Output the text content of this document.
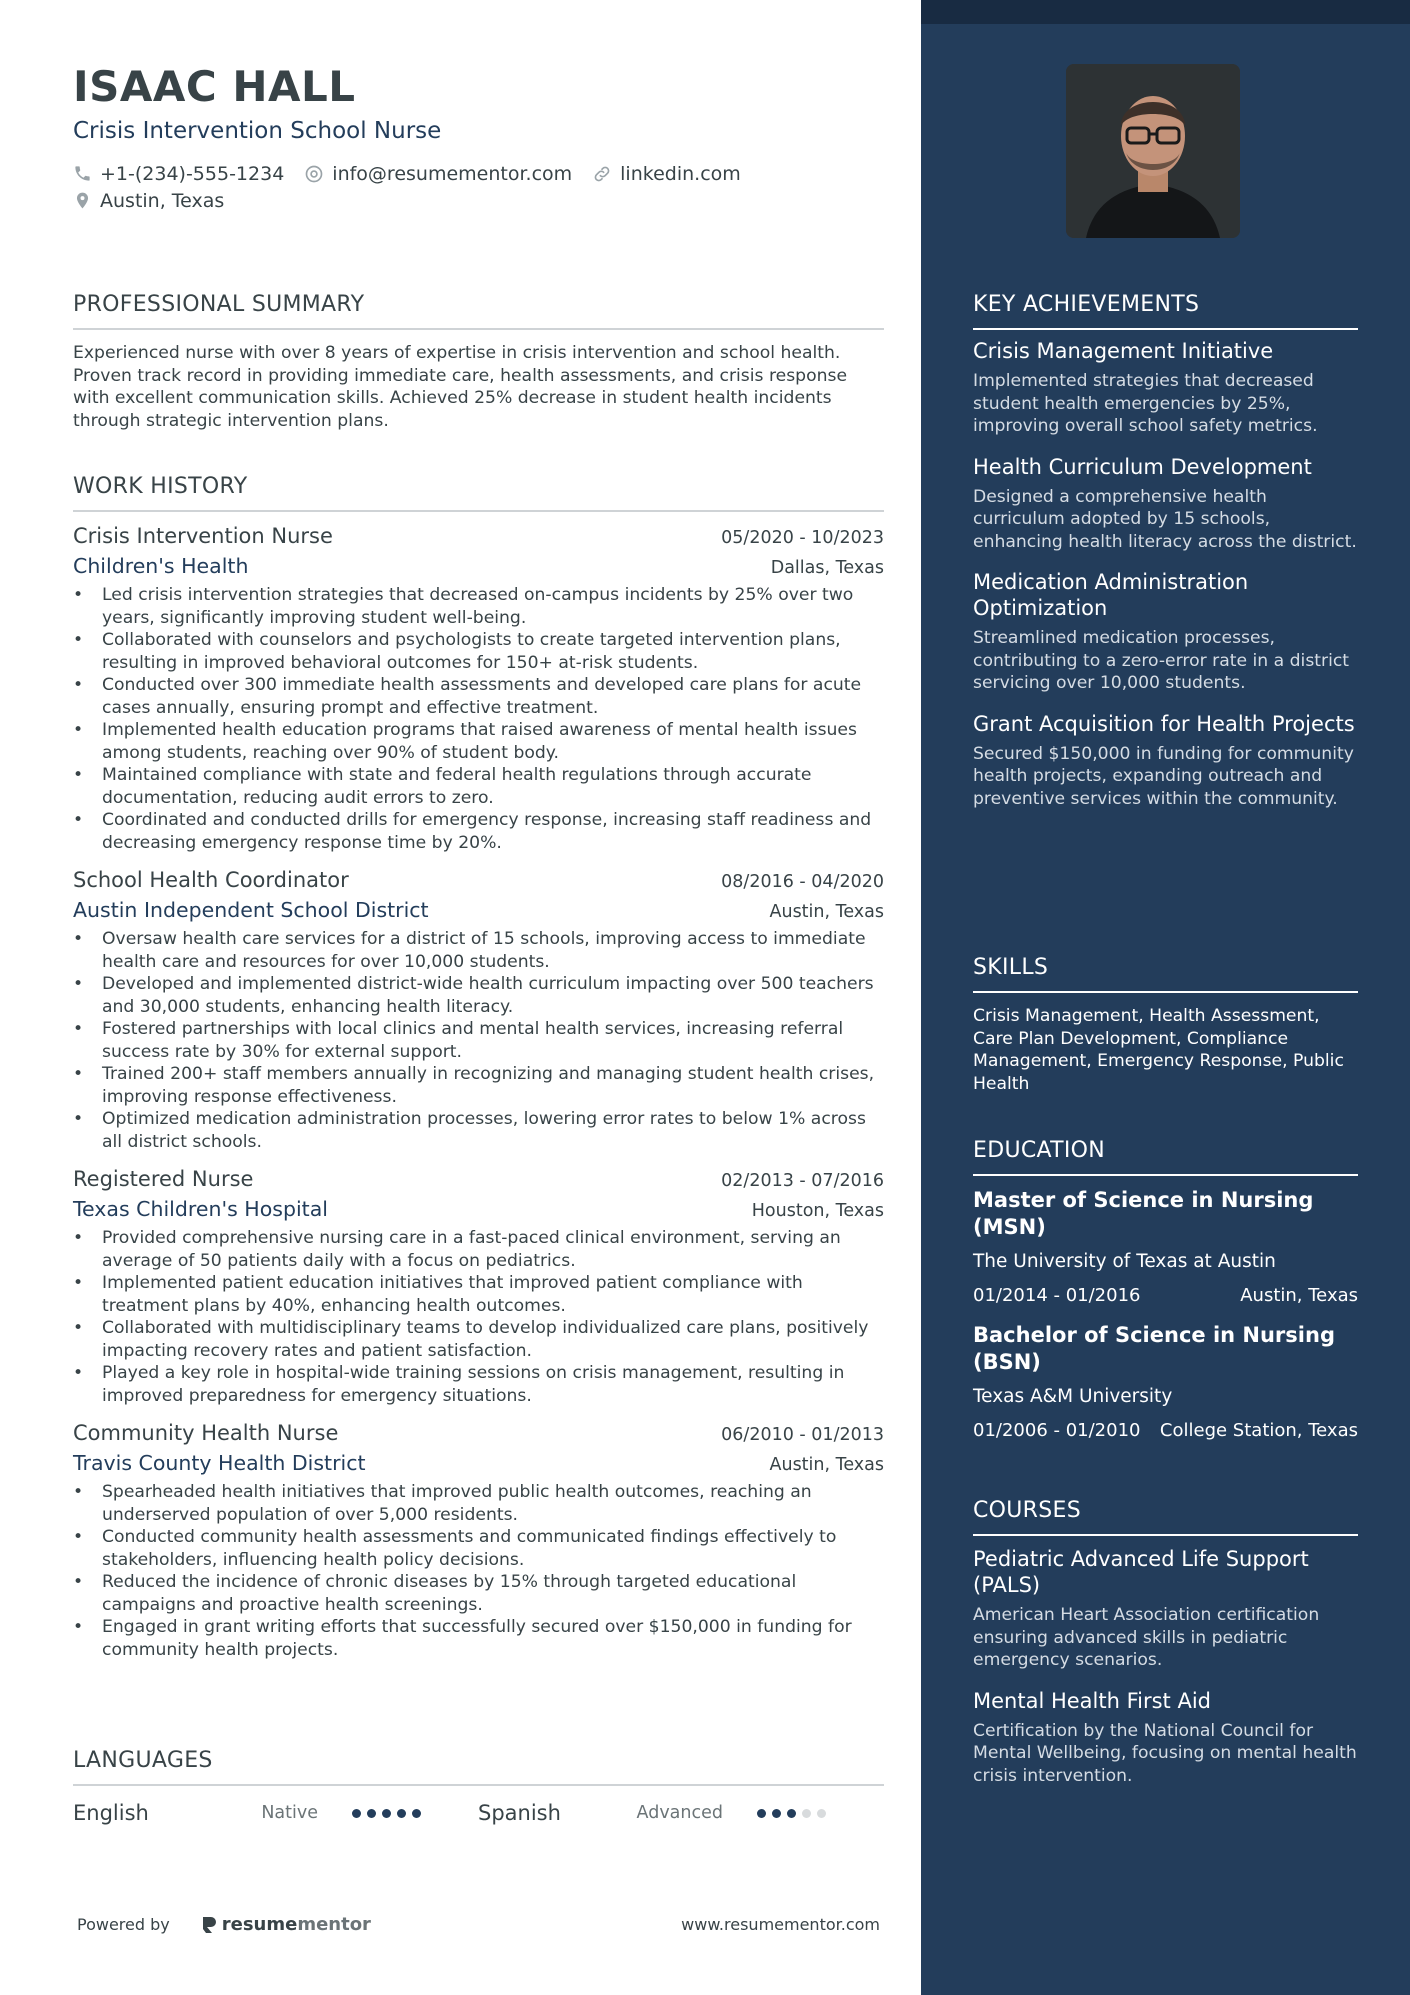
ISAAC HALL
Crisis Intervention School Nurse
+1-(234)-555-1234	info@resumementor.com	linkedin.com
Austin, Texas
PROFESSIONAL SUMMARY
Experienced nurse with over 8 years of expertise in crisis intervention and school health. Proven track record in providing immediate care, health assessments, and crisis response with excellent communication skills. Achieved 25% decrease in student health incidents through strategic intervention plans.
WORK HISTORY
Crisis Intervention Nurse	05/2020 - 10/2023
Children's Health	Dallas, Texas
• Led crisis intervention strategies that decreased on-campus incidents by 25% over two years, significantly improving student well-being.
• Collaborated with counselors and psychologists to create targeted intervention plans, resulting in improved behavioral outcomes for 150+ at-risk students.
• Conducted over 300 immediate health assessments and developed care plans for acute cases annually, ensuring prompt and effective treatment.
• Implemented health education programs that raised awareness of mental health issues among students, reaching over 90% of student body.
• Maintained compliance with state and federal health regulations through accurate documentation, reducing audit errors to zero.
• Coordinated and conducted drills for emergency response, increasing staff readiness and decreasing emergency response time by 20%.
School Health Coordinator	08/2016 - 04/2020
Austin Independent School District	Austin, Texas
• Oversaw health care services for a district of 15 schools, improving access to immediate health care and resources for over 10,000 students.
• Developed and implemented district-wide health curriculum impacting over 500 teachers and 30,000 students, enhancing health literacy.
• Fostered partnerships with local clinics and mental health services, increasing referral success rate by 30% for external support.
• Trained 200+ staff members annually in recognizing and managing student health crises, improving response effectiveness.
• Optimized medication administration processes, lowering error rates to below 1% across all district schools.
Registered Nurse	02/2013 - 07/2016
Texas Children's Hospital	Houston, Texas
• Provided comprehensive nursing care in a fast-paced clinical environment, serving an average of 50 patients daily with a focus on pediatrics.
• Implemented patient education initiatives that improved patient compliance with treatment plans by 40%, enhancing health outcomes.
• Collaborated with multidisciplinary teams to develop individualized care plans, positively impacting recovery rates and patient satisfaction.
• Played a key role in hospital-wide training sessions on crisis management, resulting in improved preparedness for emergency situations.
Community Health Nurse	06/2010 - 01/2013
Travis County Health District	Austin, Texas
• Spearheaded health initiatives that improved public health outcomes, reaching an underserved population of over 5,000 residents.
• Conducted community health assessments and communicated findings effectively to stakeholders, influencing health policy decisions.
• Reduced the incidence of chronic diseases by 15% through targeted educational campaigns and proactive health screenings.
• Engaged in grant writing efforts that successfully secured over $150,000 in funding for community health projects.
LANGUAGES
English	Native	Spanish	Advanced
Powered by	resume mentor	www.resumementor.com
KEY ACHIEVEMENTS
Crisis Management Initiative
Implemented strategies that decreased student health emergencies by 25%, improving overall school safety metrics.
Health Curriculum Development
Designed a comprehensive health curriculum adopted by 15 schools, enhancing health literacy across the district.
Medication Administration Optimization
Streamlined medication processes, contributing to a zero-error rate in a district servicing over 10,000 students.
Grant Acquisition for Health Projects
Secured $150,000 in funding for community health projects, expanding outreach and preventive services within the community.
SKILLS
Crisis Management, Health Assessment, Care Plan Development, Compliance Management, Emergency Response, Public Health
EDUCATION
Master of Science in Nursing (MSN)
The University of Texas at Austin
01/2014 - 01/2016	Austin, Texas
Bachelor of Science in Nursing (BSN)
Texas A&M University
01/2006 - 01/2010 College Station, Texas
COURSES
Pediatric Advanced Life Support (PALS)
American Heart Association certification ensuring advanced skills in pediatric emergency scenarios.
Mental Health First Aid
Certification by the National Council for Mental Wellbeing, focusing on mental health crisis intervention.
